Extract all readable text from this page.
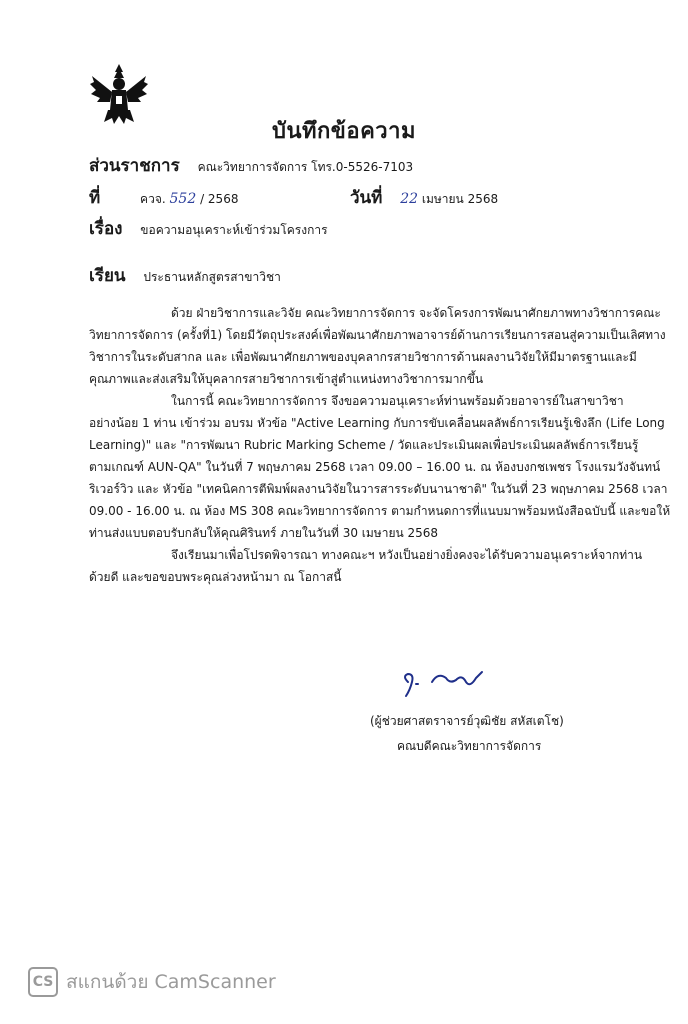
บันทึกข้อความ
ส่วนราชการ คณะวิทยาการจัดการ โทร.0-5526-7103
ที่	ควจ. 552 / 2568	วันที่ 22 เมษายน 2568
เรื่อง ขอความอนุเคราะห์เข้าร่วมโครงการ
เรียน ประธานหลักสูตรสาขาวิชา
ด้วย ฝ่ายวิชาการและวิจัย คณะวิทยาการจัดการ จะจัดโครงการพัฒนาศักยภาพทางวิชาการคณะ
วิทยาการจัดการ (ครั้งที่1) โดยมีวัตถุประสงค์เพื่อพัฒนาศักยภาพอาจารย์ด้านการเรียนการสอนสู่ความเป็นเลิศทาง
วิชาการในระดับสากล และ เพื่อพัฒนาศักยภาพของบุคลากรสายวิชาการด้านผลงานวิจัยให้มีมาตรฐานและมี
คุณภาพและส่งเสริมให้บุคลากรสายวิชาการเข้าสู่ตำแหน่งทางวิชาการมากขึ้น
ในการนี้ คณะวิทยาการจัดการ จึงขอความอนุเคราะห์ท่านพร้อมด้วยอาจารย์ในสาขาวิชา
อย่างน้อย 1 ท่าน เข้าร่วม อบรม หัวข้อ "Active Learning กับการขับเคลื่อนผลลัพธ์การเรียนรู้เชิงลึก (Life Long
Learning)" และ "การพัฒนา Rubric Marking Scheme / วัดและประเมินผลเพื่อประเมินผลลัพธ์การเรียนรู้
ตามเกณฑ์ AUN-QA" ในวันที่ 7 พฤษภาคม 2568 เวลา 09.00 – 16.00 น. ณ ห้องบงกชเพชร โรงแรมวังจันทน์
ริเวอร์วิว และ หัวข้อ "เทคนิคการตีพิมพ์ผลงานวิจัยในวารสารระดับนานาชาติ" ในวันที่ 23 พฤษภาคม 2568 เวลา
09.00 - 16.00 น. ณ ห้อง MS 308 คณะวิทยาการจัดการ ตามกำหนดการที่แนบมาพร้อมหนังสือฉบับนี้ และขอให้
ท่านส่งแบบตอบรับกลับให้คุณศิรินทร์ ภายในวันที่ 30 เมษายน 2568
จึงเรียนมาเพื่อโปรดพิจารณา ทางคณะฯ หวังเป็นอย่างยิ่งคงจะได้รับความอนุเคราะห์จากท่าน
ด้วยดี และขอขอบพระคุณล่วงหน้ามา ณ โอกาสนี้
(ผู้ช่วยศาสตราจารย์วุฒิชัย สหัสเตโช)
คณบดีคณะวิทยาการจัดการ
CS สแกนด้วย CamScanner
